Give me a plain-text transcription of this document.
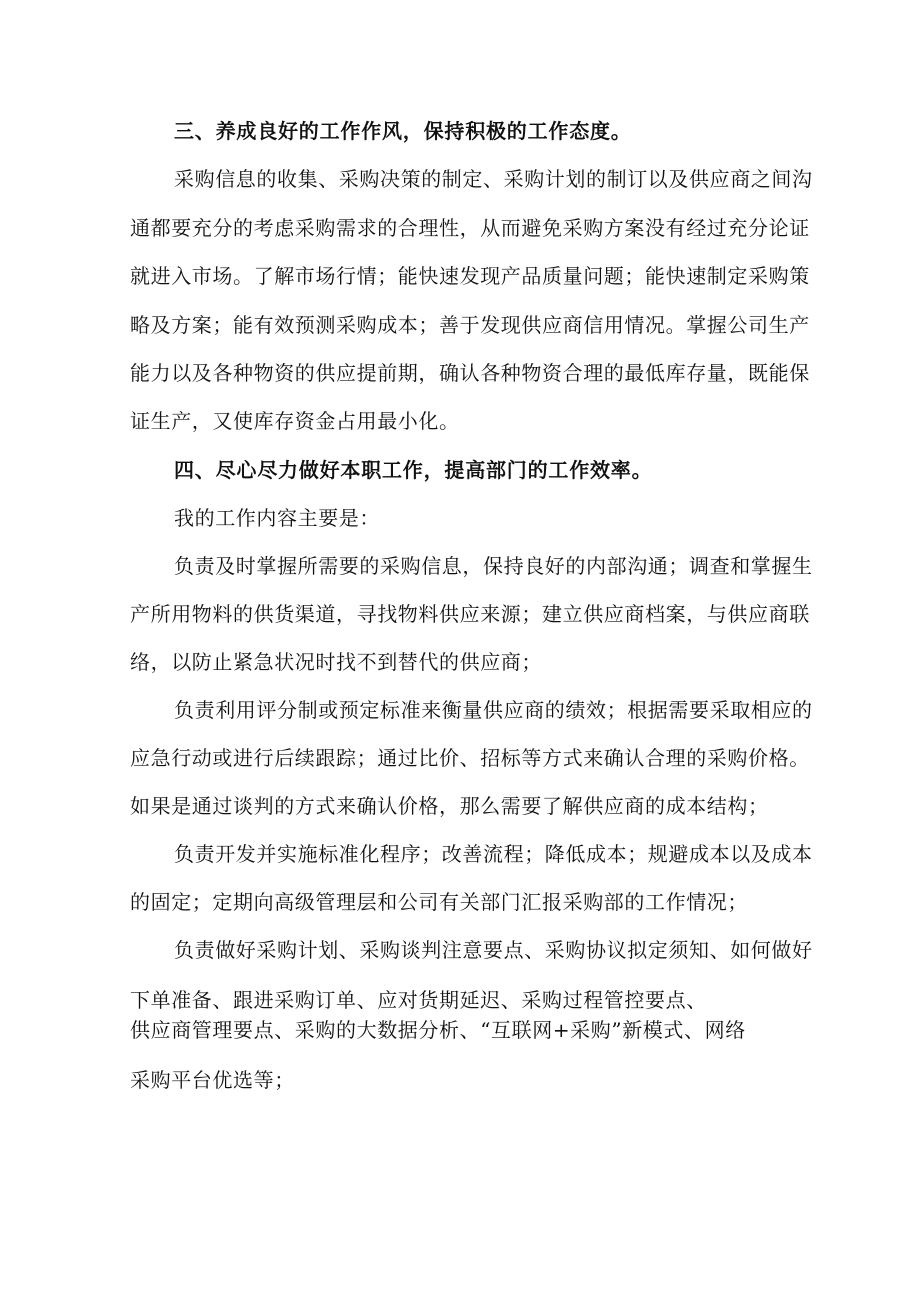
三、养成良好的工作作风，保持积极的工作态度。
采购信息的收集、采购决策的制定、采购计划的制订以及供应商之间沟
通都要充分的考虑采购需求的合理性，从而避免采购方案没有经过充分论证
就进入市场。了解市场行情；能快速发现产品质量问题；能快速制定采购策
略及方案；能有效预测采购成本；善于发现供应商信用情况。掌握公司生产
能力以及各种物资的供应提前期，确认各种物资合理的最低库存量，既能保
证生产，又使库存资金占用最小化。
四、尽心尽力做好本职工作，提高部门的工作效率。
我的工作内容主要是：
负责及时掌握所需要的采购信息，保持良好的内部沟通；调查和掌握生
产所用物料的供货渠道，寻找物料供应来源；建立供应商档案，与供应商联
络，以防止紧急状况时找不到替代的供应商；
负责利用评分制或预定标准来衡量供应商的绩效；根据需要采取相应的
应急行动或进行后续跟踪；通过比价、招标等方式来确认合理的采购价格。
如果是通过谈判的方式来确认价格，那么需要了解供应商的成本结构；
负责开发并实施标准化程序；改善流程；降低成本；规避成本以及成本
的固定；定期向高级管理层和公司有关部门汇报采购部的工作情况；
负责做好采购计划、采购谈判注意要点、采购协议拟定须知、如何做好
下单准备、跟进采购订单、应对货期延迟、采购过程管控要点、
供应商管理要点、采购的大数据分析、“互联网+采购”新模式、网络
采购平台优选等；
